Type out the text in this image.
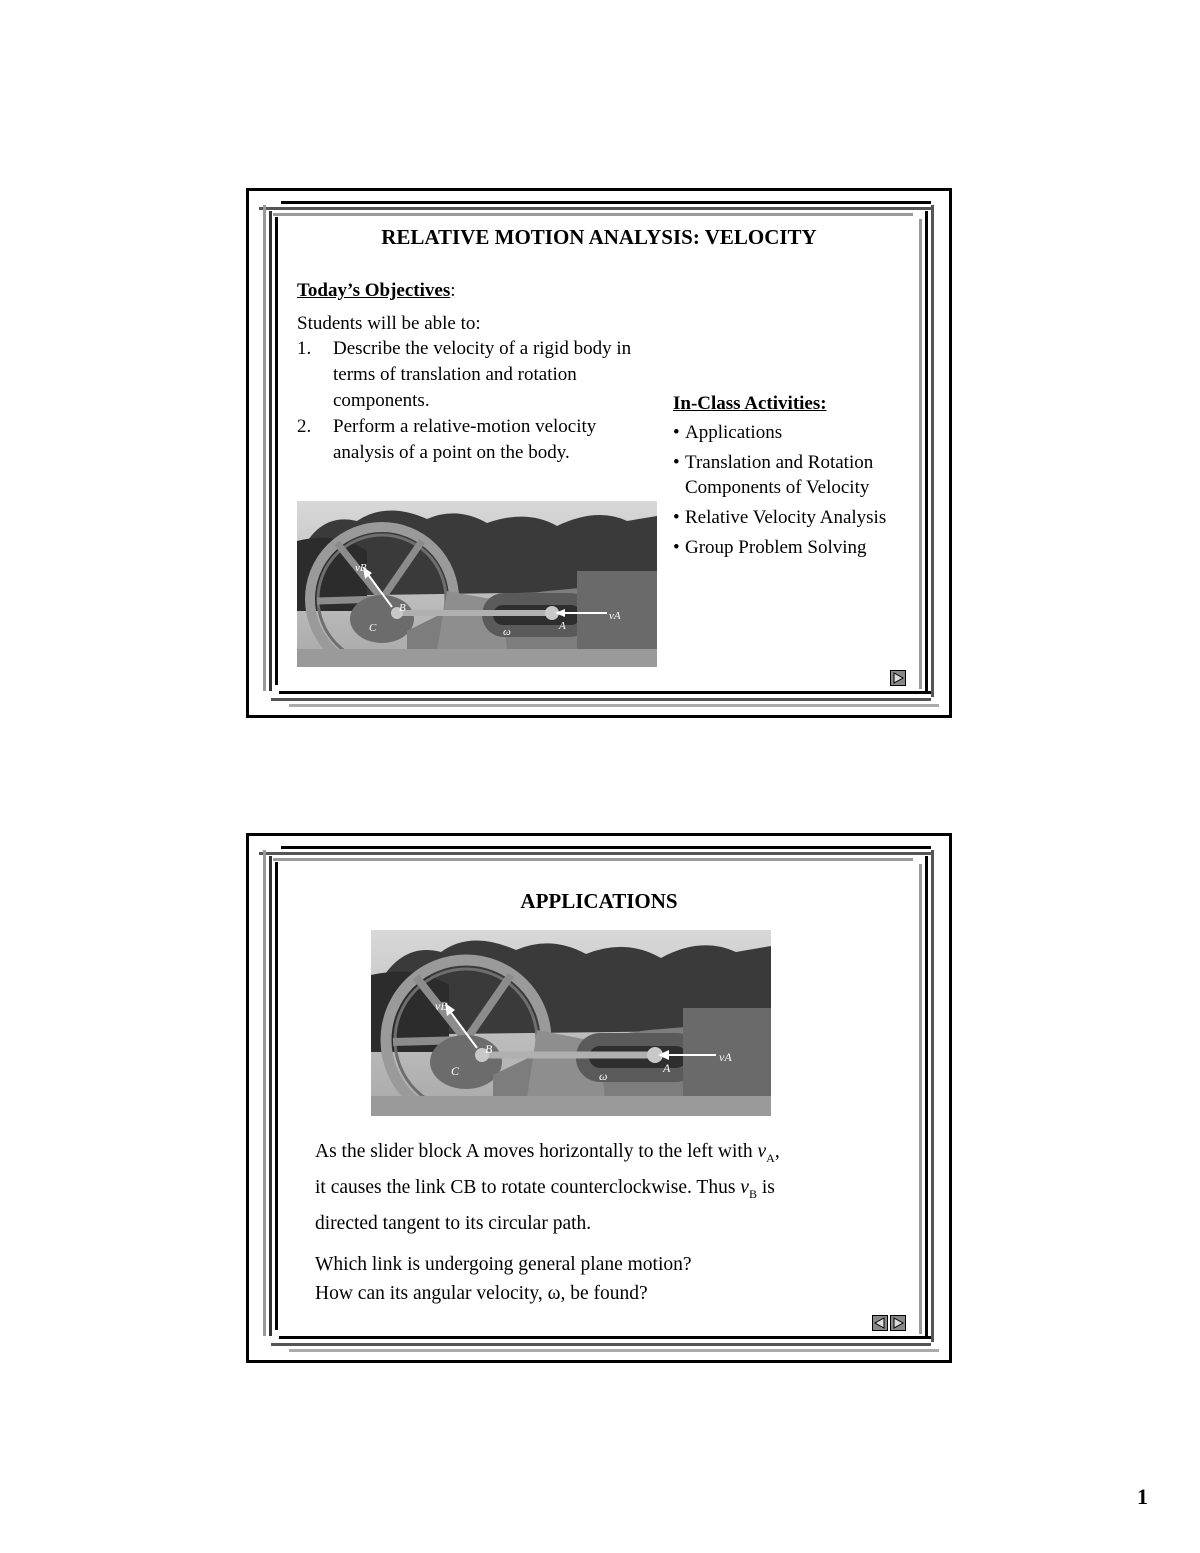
RELATIVE MOTION ANALYSIS: VELOCITY
Today’s Objectives:
Students will be able to:
1. Describe the velocity of a rigid body in terms of translation and rotation components.
2. Perform a relative-motion velocity analysis of a point on the body.
In-Class Activities:
• Applications
• Translation and Rotation Components of Velocity
• Relative Velocity Analysis
• Group Problem Solving
vB
vA
C
B
A
ω
APPLICATIONS
vB
vA
C
B
A
ω
As the slider block A moves horizontally to the left with $v_A$,
it causes the link CB to rotate counterclockwise. Thus $v_B$ is
directed tangent to its circular path.
Which link is undergoing general plane motion?
How can its angular velocity, ω, be found?
1
